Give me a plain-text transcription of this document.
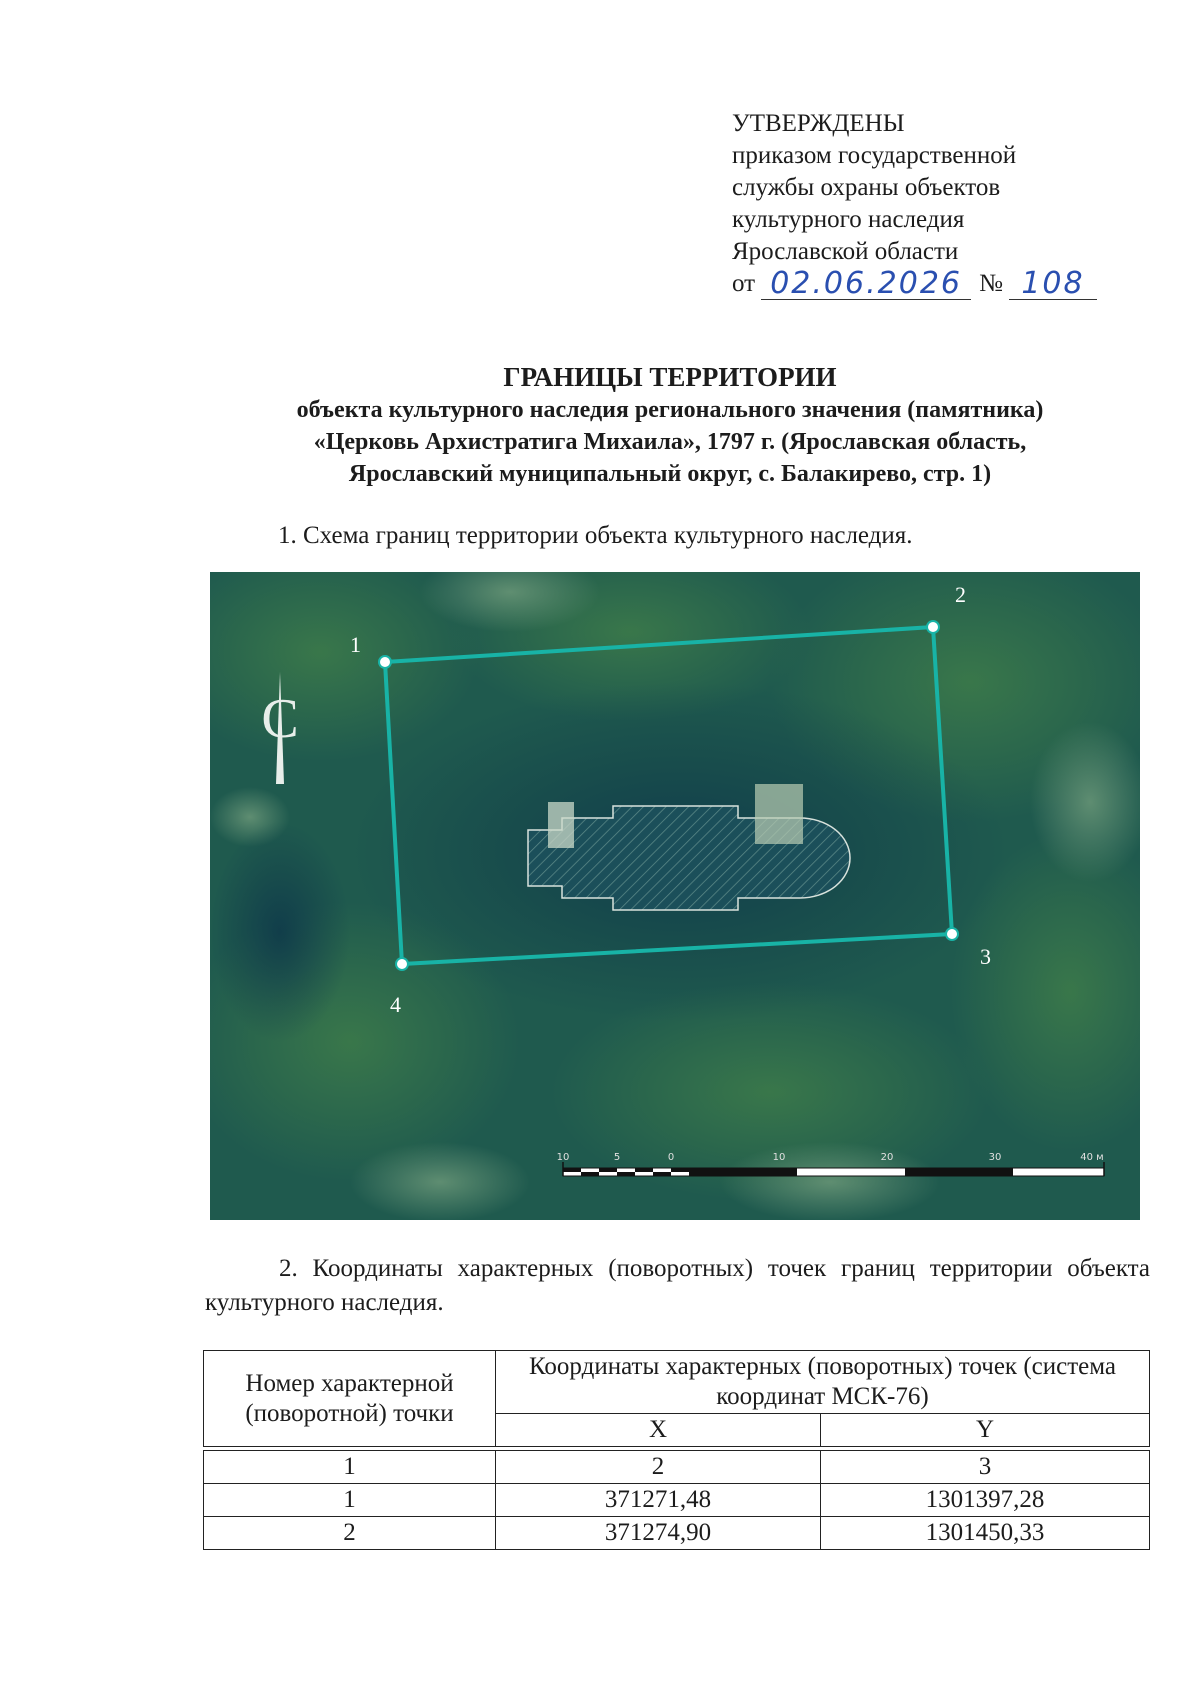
УТВЕРЖДЕНЫ
приказом государственной
службы охраны объектов
культурного наследия
Ярославской области
от 02.06.2026 № 108
ГРАНИЦЫ ТЕРРИТОРИИ
объекта культурного наследия регионального значения (памятника)
«Церковь Архистратига Михаила», 1797 г. (Ярославская область,
Ярославский муниципальный округ, с. Балакирево, стр. 1)
1. Схема границ территории объекта культурного наследия.
С
1
2
3
4
10	5	0	10	20	30	40 м
2. Координаты характерных (поворотных) точек границ территории объекта культурного наследия.
Номер характерной (поворотной) точки	Координаты характерных (поворотных) точек (система координат МСК-76)	
	X	Y

1	2	3
1	371271,48	1301397,28
2	371274,90	1301450,33
